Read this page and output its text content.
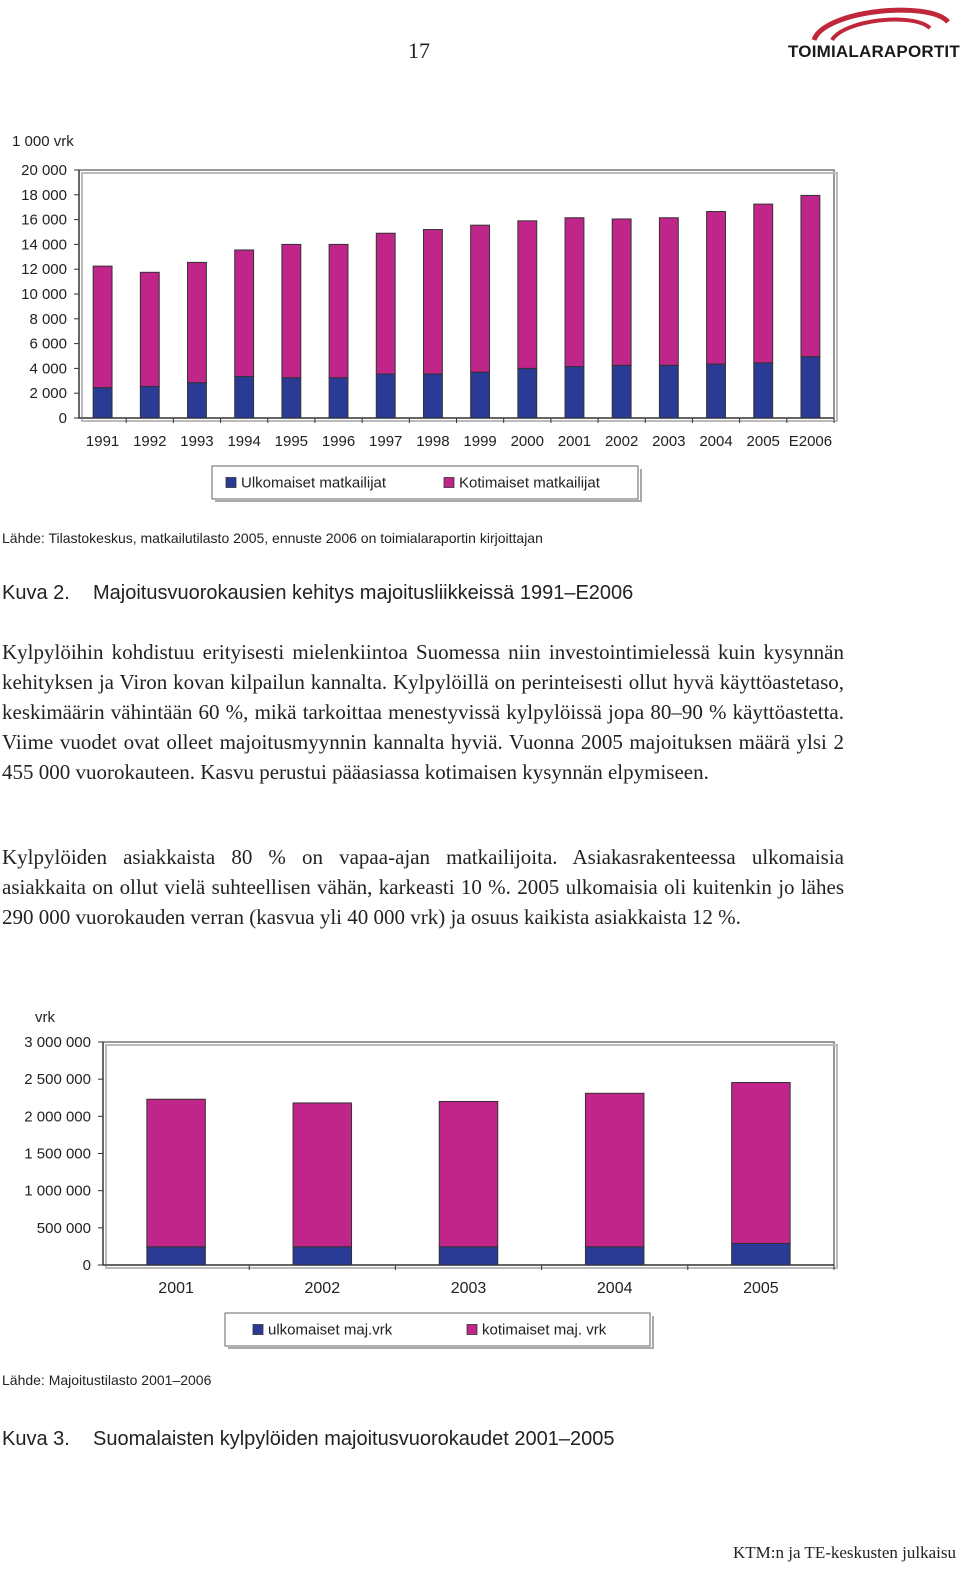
17	TOIMIALARAPORTIT
1 000 vrk
0
2 000
4 000
6 000
8 000
10 000
12 000
14 000
16 000
18 000
20 000
1991 1992 1993 1994 1995 1996 1997 1998 1999 2000 2001 2002 2003 2004 2005 E2006
Ulkomaiset matkailijat	Kotimaiset matkailijat
Lähde: Tilastokeskus, matkailutilasto 2005, ennuste 2006 on toimialaraportin kirjoittajan
Kuva 2. Majoitusvuorokausien kehitys majoitusliikkeissä 1991–E2006

Kylpylöihin kohdistuu erityisesti mielenkiintoa Suomessa niin investointimielessä kuin kysynnän kehityksen ja Viron kovan kilpailun kannalta. Kylpylöillä on perinteisesti ollut hyvä käyttöastetaso, keskimäärin vähintään 60 %, mikä tarkoittaa menestyvissä kylpylöissä jopa 80–90 % käyttöastetta. Viime vuodet ovat olleet majoitusmyynnin kannalta hyviä. Vuonna 2005 majoituksen määrä ylsi 2 455 000 vuorokauteen. Kasvu perustui pääasiassa kotimaisen kysynnän elpymiseen.

Kylpylöiden asiakkaista 80 % on vapaa-ajan matkailijoita. Asiakasrakenteessa ulkomaisia asiakkaita on ollut vielä suhteellisen vähän, karkeasti 10 %. 2005 ulkomaisia oli kuitenkin jo lähes 290 000 vuorokauden verran (kasvua yli 40 000 vrk) ja osuus kaikista asiakkaista 12 %.

vrk
0
500 000
1 000 000
1 500 000
2 000 000
2 500 000
3 000 000
2001	2002	2003	2004	2005
ulkomaiset maj.vrk	kotimaiset maj. vrk
Lähde: Majoitustilasto 2001–2006
Kuva 3. Suomalaisten kylpylöiden majoitusvuorokaudet 2001–2005
KTM:n ja TE-keskusten julkaisu
